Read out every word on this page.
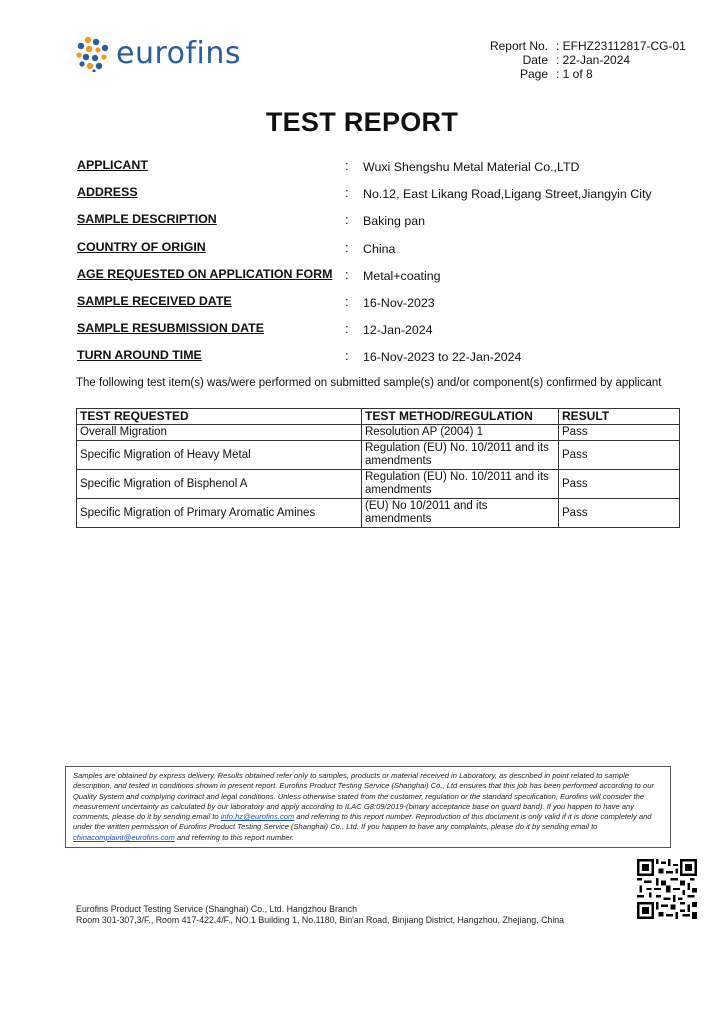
eurofins	Report No. : EFHZ23112817-CG-01
Date : 22-Jan-2024
Page : 1 of 8
TEST REPORT
APPLICANT	: Wuxi Shengshu Metal Material Co.,LTD
ADDRESS	: No.12, East Likang Road,Ligang Street,Jiangyin City
SAMPLE DESCRIPTION	: Baking pan
COUNTRY OF ORIGIN	: China
AGE REQUESTED ON APPLICATION FORM : Metal+coating
SAMPLE RECEIVED DATE	: 16-Nov-2023
SAMPLE RESUBMISSION DATE	: 12-Jan-2024
TURN AROUND TIME	: 16-Nov-2023 to 22-Jan-2024
The following test item(s) was/were performed on submitted sample(s) and/or component(s) confirmed by applicant
TEST REQUESTED	TEST METHOD/REGULATION	RESULT
Overall Migration	Resolution AP (2004) 1	Pass
Specific Migration of Heavy Metal	Regulation (EU) No. 10/2011 and its amendments	Pass
Specific Migration of Bisphenol A	Regulation (EU) No. 10/2011 and its amendments	Pass
Specific Migration of Primary Aromatic Amines	(EU) No 10/2011 and its amendments	Pass
Samples are obtained by express delivery, Results obtained refer only to samples, products or material received in Laboratory, as described in point related to sample description, and tested in conditions shown in present report. Eurofins Product Testing Service (Shanghai) Co., Ltd ensures that this job has been performed according to our Quality System and complying contract and legal conditions. Unless otherwise stated from the customer, regulation or the standard specification, Eurofins will consider the measurement uncertainty as calculated by our laboratory and apply according to ILAC G8:09/2019-(binary acceptance base on guard band). If you happen to have any comments, please do it by sending email to info.hz@eurofins.com and referring to this report number. Reproduction of this document is only valid if it is done completely and under the written permission of Eurofins Product Testing Service (Shanghai) Co., Ltd. If you happen to have any complaints, please do it by sending email to chinacomplaint@eurofins.com and referring to this report number.
Eurofins Product Testing Service (Shanghai) Co., Ltd. Hangzhou Branch
Room 301-307,3/F., Room 417-422.4/F., NO.1 Building 1, No.1180, Bin'an Road, Binjiang District, Hangzhou, Zhejiang, China
